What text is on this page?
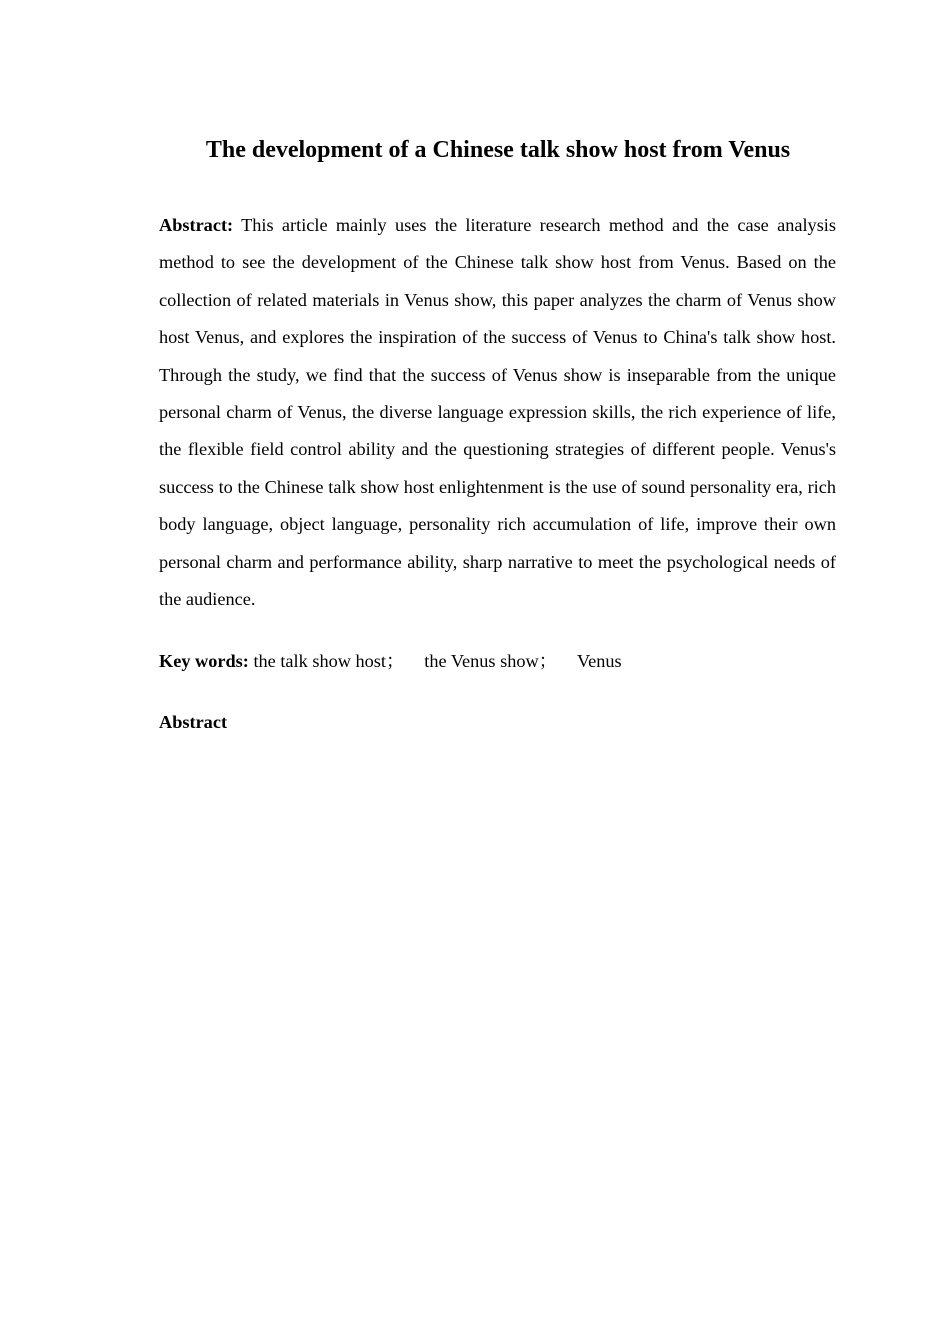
The development of a Chinese talk show host from Venus

Abstract: This article mainly uses the literature research method and the case analysis method to see the development of the Chinese talk show host from Venus. Based on the collection of related materials in Venus show, this paper analyzes the charm of Venus show host Venus, and explores the inspiration of the success of Venus to China's talk show host. Through the study, we find that the success of Venus show is inseparable from the unique personal charm of Venus, the diverse language expression skills, the rich experience of life, the flexible field control ability and the questioning strategies of different people. Venus's success to the Chinese talk show host enlightenment is the use of sound personality era, rich body language, object language, personality rich accumulation of life, improve their own personal charm and performance ability, sharp narrative to meet the psychological needs of the audience.

Key words: the talk show host； the Venus show； Venus

Abstract
